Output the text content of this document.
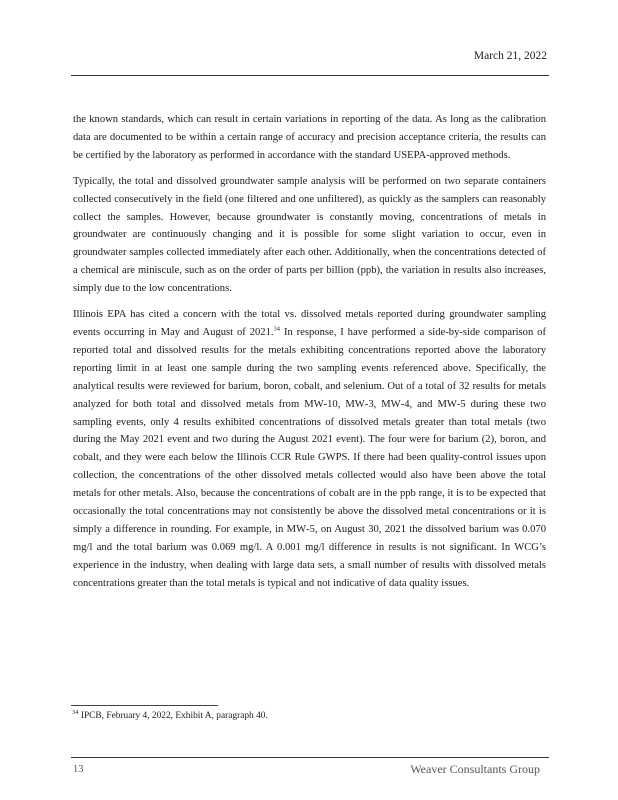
March 21, 2022

the known standards, which can result in certain variations in reporting of the data. As long as the calibration data are documented to be within a certain range of accuracy and precision acceptance criteria, the results can be certified by the laboratory as performed in accordance with the standard USEPA‐approved methods.

Typically, the total and dissolved groundwater sample analysis will be performed on two separate containers collected consecutively in the field (one filtered and one unfiltered), as quickly as the samplers can reasonably collect the samples. However, because groundwater is constantly moving, concentrations of metals in groundwater are continuously changing and it is possible for some slight variation to occur, even in groundwater samples collected immediately after each other. Additionally, when the concentrations detected of a chemical are miniscule, such as on the order of parts per billion (ppb), the variation in results also increases, simply due to the low concentrations.

Illinois EPA has cited a concern with the total vs. dissolved metals reported during groundwater sampling events occurring in May and August of 2021.34 In response, I have performed a side‐by‐side comparison of reported total and dissolved results for the metals exhibiting concentrations reported above the laboratory reporting limit in at least one sample during the two sampling events referenced above. Specifically, the analytical results were reviewed for barium, boron, cobalt, and selenium. Out of a total of 32 results for metals analyzed for both total and dissolved metals from MW‐10, MW‐3, MW‐4, and MW‐5 during these two sampling events, only 4 results exhibited concentrations of dissolved metals greater than total metals (two during the May 2021 event and two during the August 2021 event). The four were for barium (2), boron, and cobalt, and they were each below the Illinois CCR Rule GWPS. If there had been quality‐control issues upon collection, the concentrations of the other dissolved metals collected would also have been above the total metals for other metals. Also, because the concentrations of cobalt are in the ppb range, it is to be expected that occasionally the total concentrations may not consistently be above the dissolved metal concentrations or it is simply a difference in rounding. For example, in MW‐5, on August 30, 2021 the dissolved barium was 0.070 mg/l and the total barium was 0.069 mg/l. A 0.001 mg/l difference in results is not significant. In WCG’s experience in the industry, when dealing with large data sets, a small number of results with dissolved metals concentrations greater than the total metals is typical and not indicative of data quality issues.

$^{34}$ IPCB, February 4, 2022, Exhibit A, paragraph 40.
13	Weaver Consultants Group
